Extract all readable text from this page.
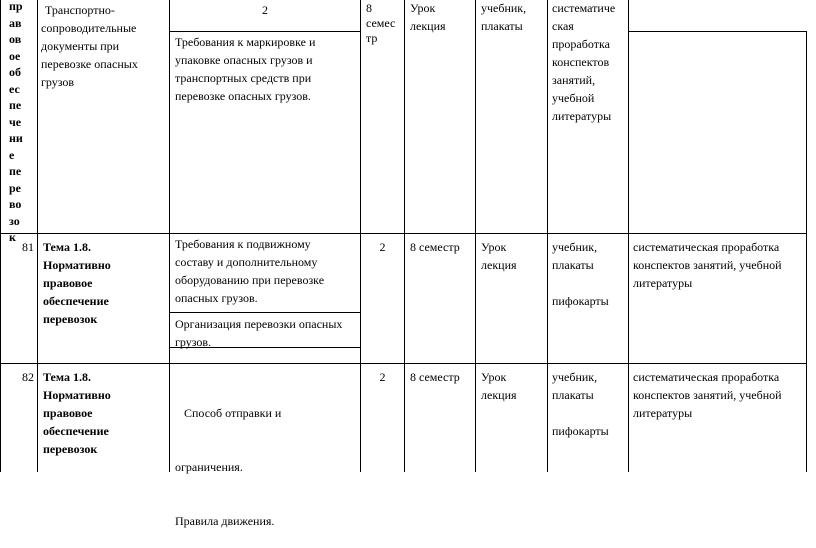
пр
ав
ов
ое
об
ес
пе
че
ни
е
пе
ре
во
зо
к
Транспортно-
сопроводительные
документы при
перевозке опасных
грузов
2
Требования к маркировке и
упаковке опасных грузов и
транспортных средств при
перевозке опасных грузов.
8
семес
тр
Урок
лекция
учебник,
плакаты
систематиче
ская
проработка
конспектов
занятий,
учебной
литературы
81 Тема 1.8.
Нормативно
правовое
обеспечение
перевозок
Требования к подвижному
составу и дополнительному
оборудованию при перевозке
опасных грузов.
Организация перевозки опасных
грузов.
2	8 семестр Урок
лекция
учебник,
плакаты

пифокарты
систематическая проработка
конспектов занятий, учебной
литературы
82 Тема 1.8.
Нормативно
правовое
обеспечение
перевозок

Способ отправки и

ограничения.

Правила движения.

2	8 семестр Урок
лекция
учебник,
плакаты

пифокарты
систематическая проработка
конспектов занятий, учебной
литературы
